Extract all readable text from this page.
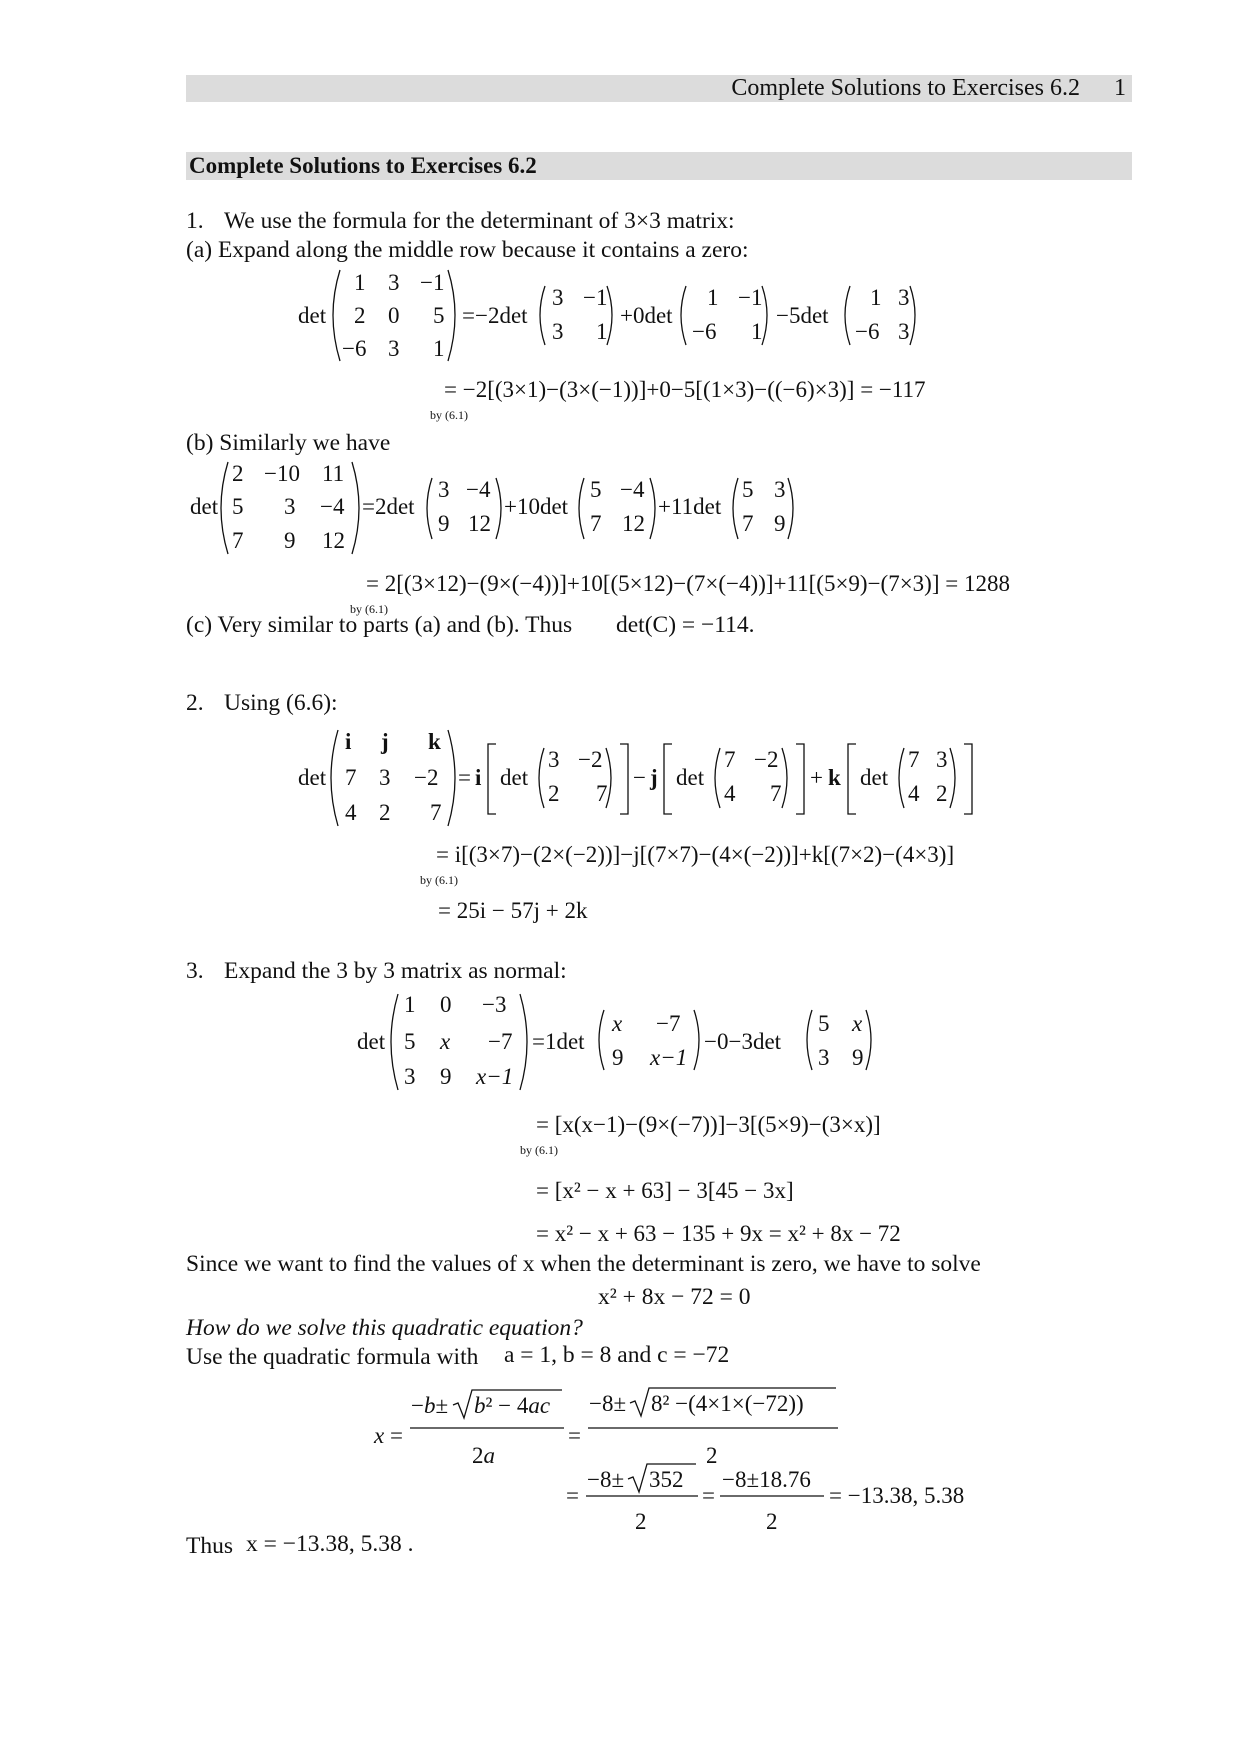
Complete Solutions to Exercises 6.2 1
Complete Solutions to Exercises 6.2
1. We use the formula for the determinant of 3×3 matrix:
(a) Expand along the middle row because it contains a zero:
det
1 3 −1
2 0 5
−6 3 1
=−2det
3 −1
3 1
+0det
1 −1
−6 1
−5det
1 3
−6 3
= −2[(3×1)−(3×(−1))]+0−5[(1×3)−((−6)×3)] = −117
by (6.1)
det
2 −10 11
5 3 −4
7 9 12
=2det
3 −4
9 12
+10det
5 −4
7 12
+11det
5 3
7 9
= 2[(3×12)−(9×(−4))]+10[(5×12)−(7×(−4))]+11[(5×9)−(7×3)] = 1288
by (6.1)
det
i j k
7 3 −2
4 2 7
= i det
3 −2
2 7
− j det
7 −2
4 7
+ k det
7 3
4 2
= i[(3×7)−(2×(−2))]−j[(7×7)−(4×(−2))]+k[(7×2)−(4×3)]
by (6.1)
= 25i − 57j + 2k
det
1 0 −3
5 x −7
3 9 x−1
=1det
x −7
9 x−1
−0−3det
5 x
3 9
= [x(x−1)−(9×(−7))]−3[(5×9)−(3×x)]
by (6.1)
= [x² − x + 63] − 3[45 − 3x]
= x² − x + 63 − 135 + 9x = x² + 8x − 72
x =
−b± b² − 4ac
2a
=
−8± 8² −(4×1×(−72))
2
=
−8± 352
2
=
−8±18.76
2
= −13.38, 5.38
(c) Very similar to parts (a) and (b). Thus det(C) = −114.
(b) Similarly we have
2. Using (6.6):
3. Expand the 3 by 3 matrix as normal:
Since we want to find the values of x when the determinant is zero, we have to solve
x² + 8x − 72 = 0
How do we solve this quadratic equation?
Use the quadratic formula with a = 1, b = 8 and c = −72
Thus x = −13.38, 5.38 .
